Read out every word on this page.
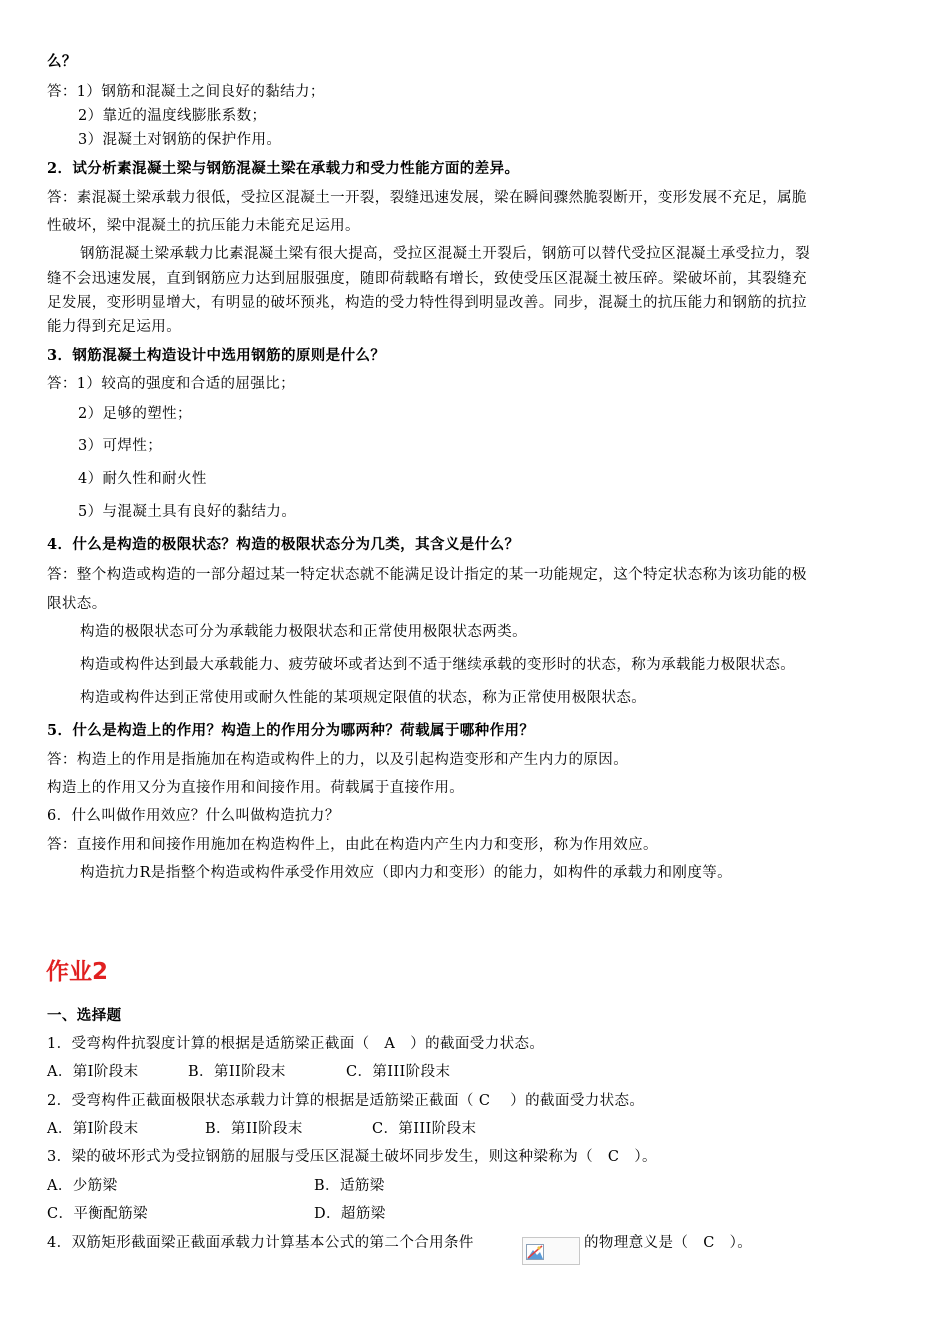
么？
答：1）钢筋和混凝土之间良好的黏结力；
2）靠近的温度线膨胀系数；
3）混凝土对钢筋的保护作用。
2．试分析素混凝土梁与钢筋混凝土梁在承载力和受力性能方面的差异。
答：素混凝土梁承载力很低，受拉区混凝土一开裂，裂缝迅速发展，梁在瞬间骤然脆裂断开，变形发展不充足，属脆
性破坏，梁中混凝土的抗压能力未能充足运用。
钢筋混凝土梁承载力比素混凝土梁有很大提高，受拉区混凝土开裂后，钢筋可以替代受拉区混凝土承受拉力，裂
缝不会迅速发展，直到钢筋应力达到屈服强度，随即荷载略有增长，致使受压区混凝土被压碎。梁破坏前，其裂缝充
足发展，变形明显增大，有明显的破坏预兆，构造的受力特性得到明显改善。同步，混凝土的抗压能力和钢筋的抗拉
能力得到充足运用。
3．钢筋混凝土构造设计中选用钢筋的原则是什么？
答：1）较高的强度和合适的屈强比；
2）足够的塑性；
3）可焊性；
4）耐久性和耐火性
5）与混凝土具有良好的黏结力。
4．什么是构造的极限状态？构造的极限状态分为几类，其含义是什么？
答：整个构造或构造的一部分超过某一特定状态就不能满足设计指定的某一功能规定，这个特定状态称为该功能的极
限状态。
构造的极限状态可分为承载能力极限状态和正常使用极限状态两类。
构造或构件达到最大承载能力、疲劳破坏或者达到不适于继续承载的变形时的状态，称为承载能力极限状态。
构造或构件达到正常使用或耐久性能的某项规定限值的状态，称为正常使用极限状态。
5．什么是构造上的作用？构造上的作用分为哪两种？荷载属于哪种作用？
答：构造上的作用是指施加在构造或构件上的力，以及引起构造变形和产生内力的原因。
构造上的作用又分为直接作用和间接作用。荷载属于直接作用。
6．什么叫做作用效应？什么叫做构造抗力？
答：直接作用和间接作用施加在构造构件上，由此在构造内产生内力和变形，称为作用效应。
构造抗力R是指整个构造或构件承受作用效应（即内力和变形）的能力，如构件的承载力和刚度等。
作业2
一、选择题
1．受弯构件抗裂度计算的根据是适筋梁正截面（　A　）的截面受力状态。
A．第I阶段末	B．第II阶段末	C．第III阶段末
2．受弯构件正截面极限状态承载力计算的根据是适筋梁正截面（ C　 ）的截面受力状态。
A．第I阶段末	B．第II阶段末	C．第III阶段末
3．梁的破坏形式为受拉钢筋的屈服与受压区混凝土破坏同步发生，则这种梁称为（　C　）。
A．少筋梁	B．适筋梁
C．平衡配筋梁	D．超筋梁
4．双筋矩形截面梁正截面承载力计算基本公式的第二个合用条件	的物理意义是（　C　）。
